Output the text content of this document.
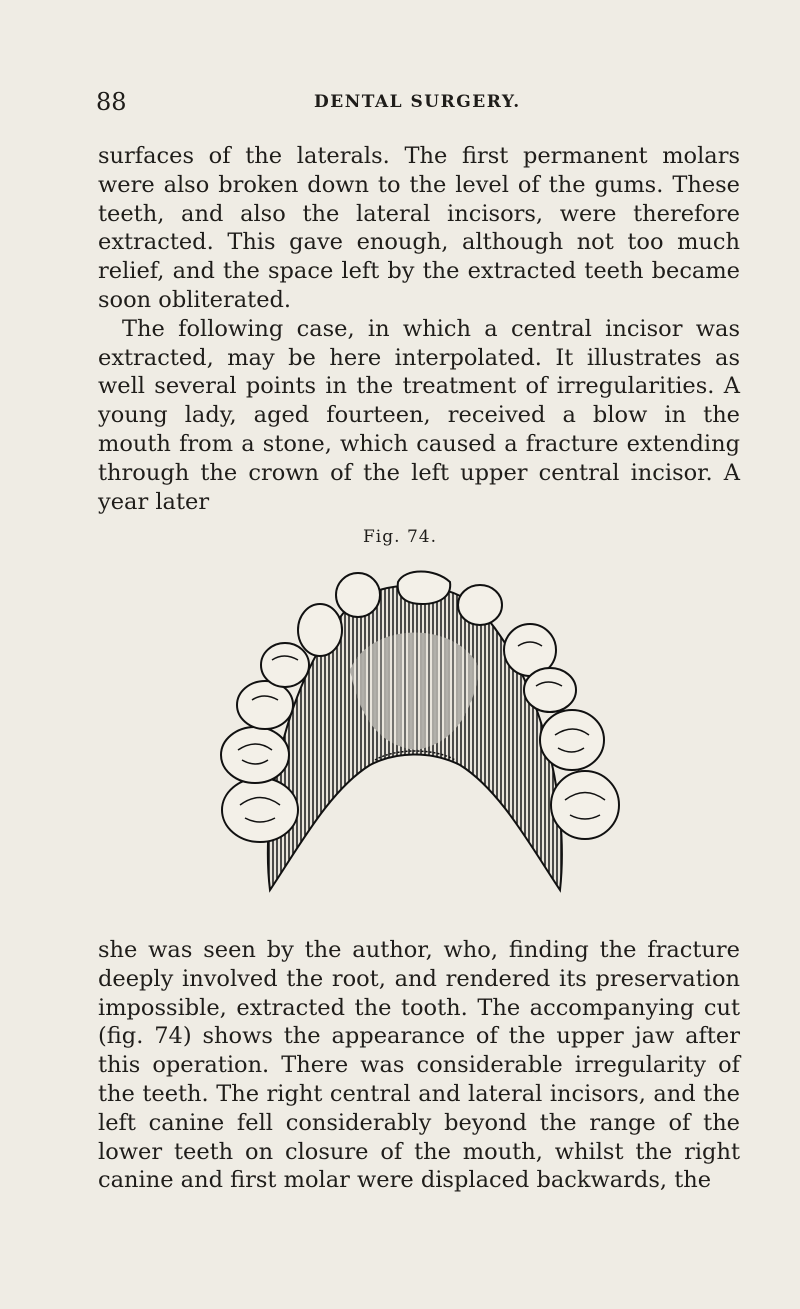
88	DENTAL SURGERY.

surfaces of the laterals. The first permanent molars were also broken down to the level of the gums. These teeth, and also the lateral incisors, were therefore extracted. This gave enough, although not too much relief, and the space left by the extracted teeth became soon obliterated.

The following case, in which a central incisor was extracted, may be here interpolated. It illustrates as well several points in the treatment of irregularities. A young lady, aged fourteen, received a blow in the mouth from a stone, which caused a fracture extending through the crown of the left upper central incisor. A year later

Fig. 74.

she was seen by the author, who, finding the fracture deeply involved the root, and rendered its preservation impossible, extracted the tooth. The accompanying cut (fig. 74) shows the appearance of the upper jaw after this operation. There was considerable irregularity of the teeth. The right central and lateral incisors, and the left canine fell considerably beyond the range of the lower teeth on closure of the mouth, whilst the right canine and first molar were displaced backwards, the
